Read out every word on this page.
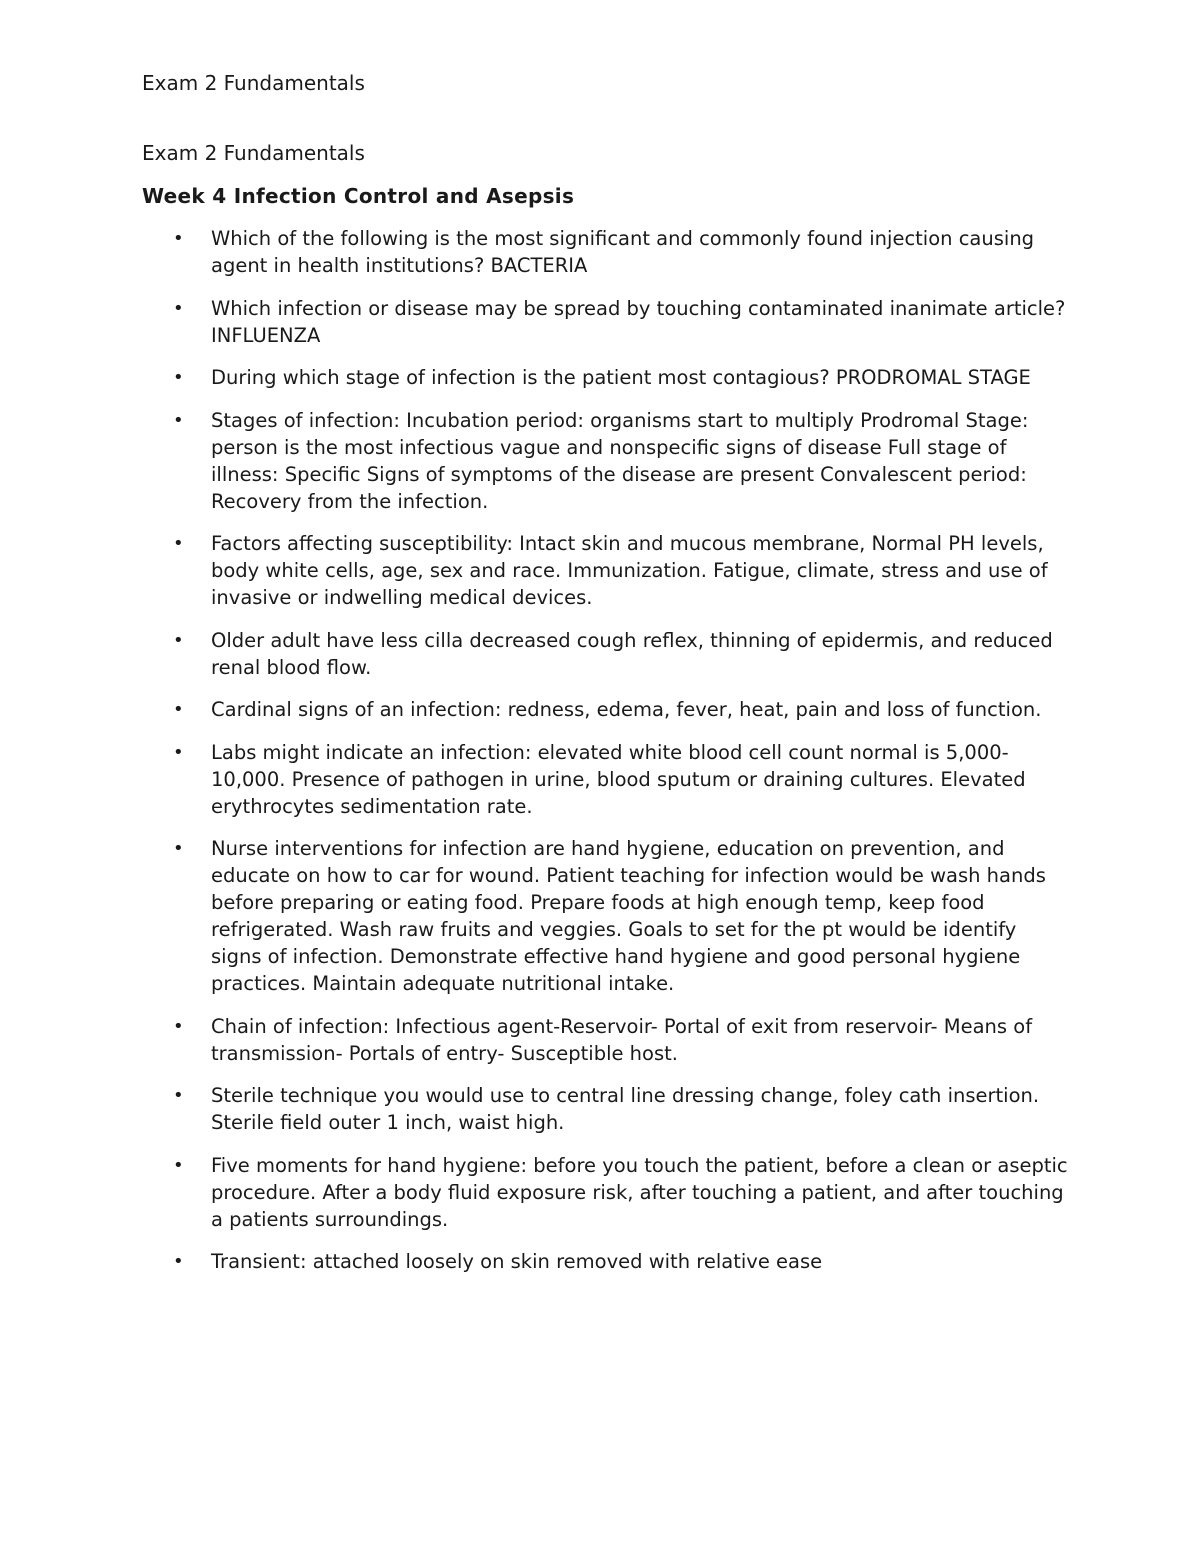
Exam 2 Fundamentals
Exam 2 Fundamentals
Week 4 Infection Control and Asepsis
• Which of the following is the most significant and commonly found injection causing agent in health institutions? BACTERIA
• Which infection or disease may be spread by touching contaminated inanimate article? INFLUENZA
• During which stage of infection is the patient most contagious? PRODROMAL STAGE
• Stages of infection: Incubation period: organisms start to multiply Prodromal Stage: person is the most infectious vague and nonspecific signs of disease Full stage of illness: Specific Signs of symptoms of the disease are present Convalescent period: Recovery from the infection.
• Factors affecting susceptibility: Intact skin and mucous membrane, Normal PH levels, body white cells, age, sex and race. Immunization. Fatigue, climate, stress and use of invasive or indwelling medical devices.
• Older adult have less cilla decreased cough reflex, thinning of epidermis, and reduced renal blood flow.
• Cardinal signs of an infection: redness, edema, fever, heat, pain and loss of function.
• Labs might indicate an infection: elevated white blood cell count normal is 5,000-10,000. Presence of pathogen in urine, blood sputum or draining cultures. Elevated erythrocytes sedimentation rate.
• Nurse interventions for infection are hand hygiene, education on prevention, and educate on how to car for wound. Patient teaching for infection would be wash hands before preparing or eating food. Prepare foods at high enough temp, keep food refrigerated. Wash raw fruits and veggies. Goals to set for the pt would be identify signs of infection. Demonstrate effective hand hygiene and good personal hygiene practices. Maintain adequate nutritional intake.
• Chain of infection: Infectious agent-Reservoir- Portal of exit from reservoir- Means of transmission- Portals of entry- Susceptible host.
• Sterile technique you would use to central line dressing change, foley cath insertion. Sterile field outer 1 inch, waist high.
• Five moments for hand hygiene: before you touch the patient, before a clean or aseptic procedure. After a body fluid exposure risk, after touching a patient, and after touching a patients surroundings.
• Transient: attached loosely on skin removed with relative ease
